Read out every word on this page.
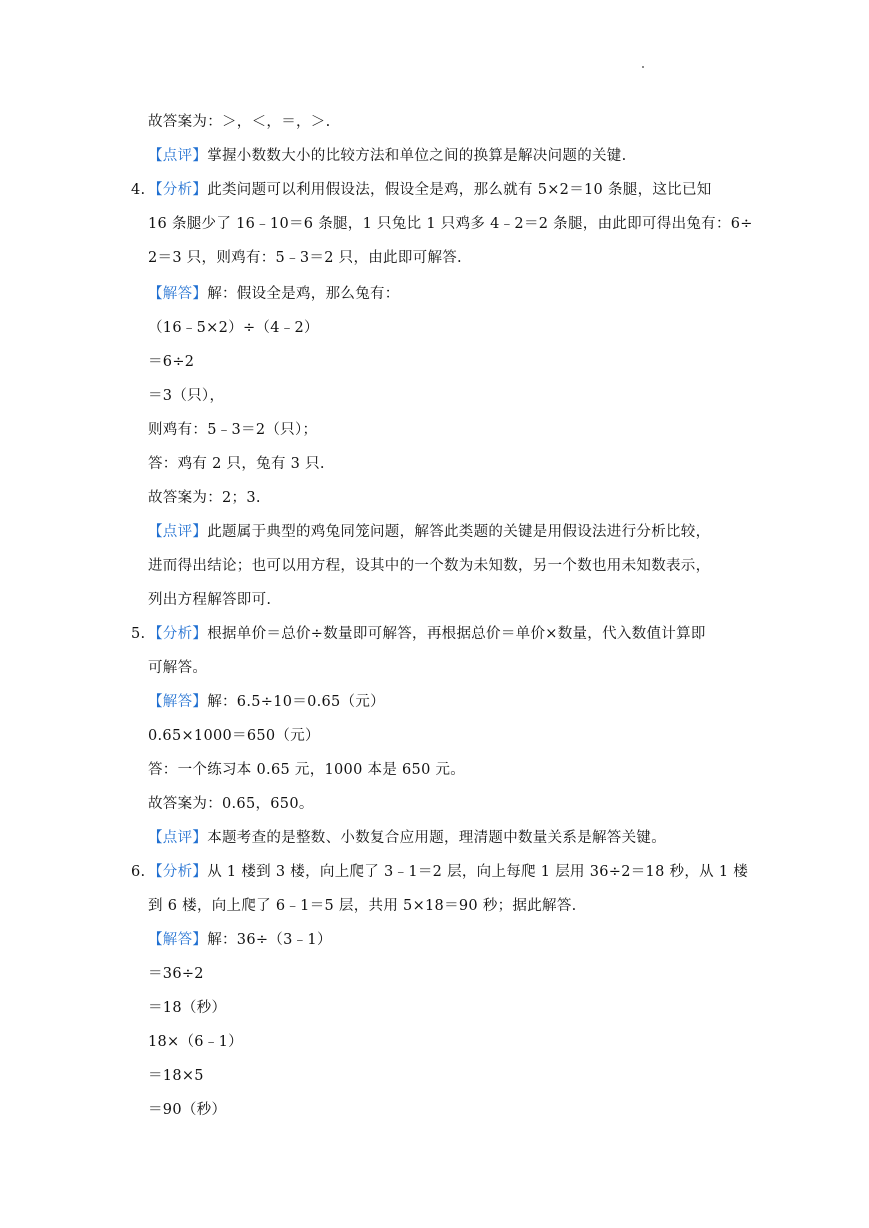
故答案为：＞，＜，＝，＞.
【点评】掌握小数数大小的比较方法和单位之间的换算是解决问题的关键.
4. 【分析】此类问题可以利用假设法，假设全是鸡，那么就有 5×2＝10 条腿，这比已知
16 条腿少了 16﹣10＝6 条腿，1 只兔比 1 只鸡多 4﹣2＝2 条腿，由此即可得出兔有：6÷
2＝3 只，则鸡有：5﹣3＝2 只，由此即可解答.
【解答】解：假设全是鸡，那么兔有：
（16﹣5×2）÷（4﹣2）
＝6÷2
＝3（只），
则鸡有：5﹣3＝2（只）；
答：鸡有 2 只，兔有 3 只.
故答案为：2；3.
【点评】此题属于典型的鸡兔同笼问题，解答此类题的关键是用假设法进行分析比较，
进而得出结论；也可以用方程，设其中的一个数为未知数，另一个数也用未知数表示，
列出方程解答即可.
5. 【分析】根据单价＝总价÷数量即可解答，再根据总价＝单价×数量，代入数值计算即
可解答。
【解答】解：6.5÷10＝0.65（元）
0.65×1000＝650（元）
答：一个练习本 0.65 元，1000 本是 650 元。
故答案为：0.65，650。
【点评】本题考查的是整数、小数复合应用题，理清题中数量关系是解答关键。
6. 【分析】从 1 楼到 3 楼，向上爬了 3﹣1＝2 层，向上每爬 1 层用 36÷2＝18 秒，从 1 楼
到 6 楼，向上爬了 6﹣1＝5 层，共用 5×18＝90 秒；据此解答.
【解答】解：36÷（3﹣1）
＝36÷2
＝18（秒）
18×（6﹣1）
＝18×5
＝90（秒）
